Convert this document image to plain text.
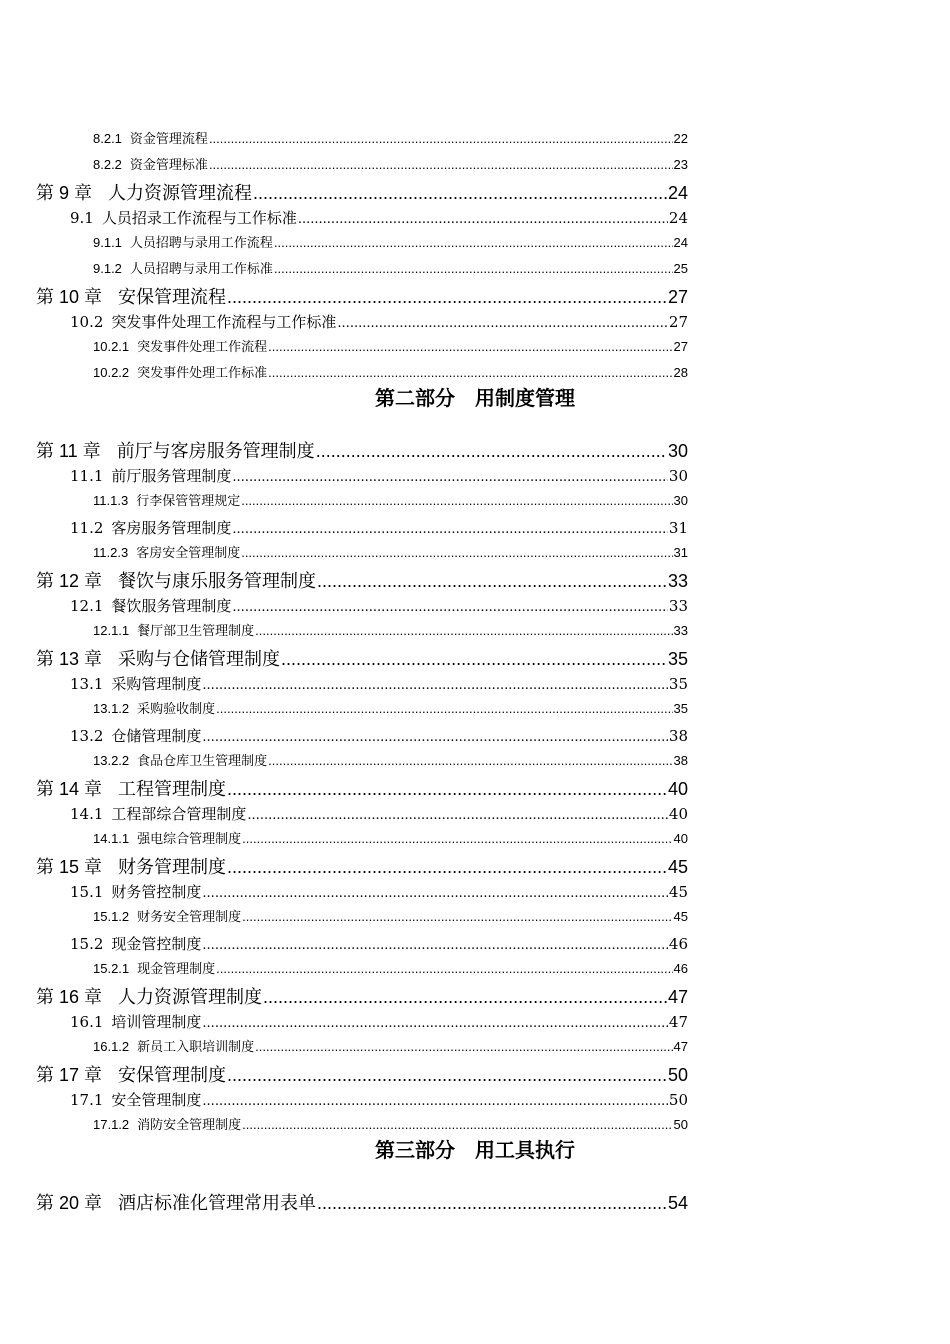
8.2.1 资金管理流程 .....	22
8.2.2 资金管理标准 .....	23
第 9 章 人力资源管理流程 .....	24
9.1 人员招录工作流程与工作标准 .....	24
9.1.1 人员招聘与录用工作流程 .....	24
9.1.2 人员招聘与录用工作标准 .....	25
第 10 章 安保管理流程 .....	27
10.2 突发事件处理工作流程与工作标准 .....	27
10.2.1 突发事件处理工作流程 .....	27
10.2.2 突发事件处理工作标准 .....	28
第二部分　用制度管理
第 11 章 前厅与客房服务管理制度 .....	30
11.1 前厅服务管理制度 .....	30
11.1.3 行李保管管理规定 .....	30
11.2 客房服务管理制度 .....	31
11.2.3 客房安全管理制度 .....	31
第 12 章 餐饮与康乐服务管理制度 .....	33
12.1 餐饮服务管理制度 .....	33
12.1.1 餐厅部卫生管理制度 .....	33
第 13 章 采购与仓储管理制度 .....	35
13.1 采购管理制度 .....	35
13.1.2 采购验收制度 .....	35
13.2 仓储管理制度 .....	38
13.2.2 食品仓库卫生管理制度 .....	38
第 14 章 工程管理制度 .....	40
14.1 工程部综合管理制度 .....	40
14.1.1 强电综合管理制度 .....	40
第 15 章 财务管理制度 .....	45
15.1 财务管控制度 .....	45
15.1.2 财务安全管理制度 .....	45
15.2 现金管控制度 .....	46
15.2.1 现金管理制度 .....	46
第 16 章 人力资源管理制度 .....	47
16.1 培训管理制度 .....	47
16.1.2 新员工入职培训制度 .....	47
第 17 章 安保管理制度 .....	50
17.1 安全管理制度 .....	50
17.1.2 消防安全管理制度 .....	50
第三部分　用工具执行
第 20 章 酒店标准化管理常用表单 .....	54
